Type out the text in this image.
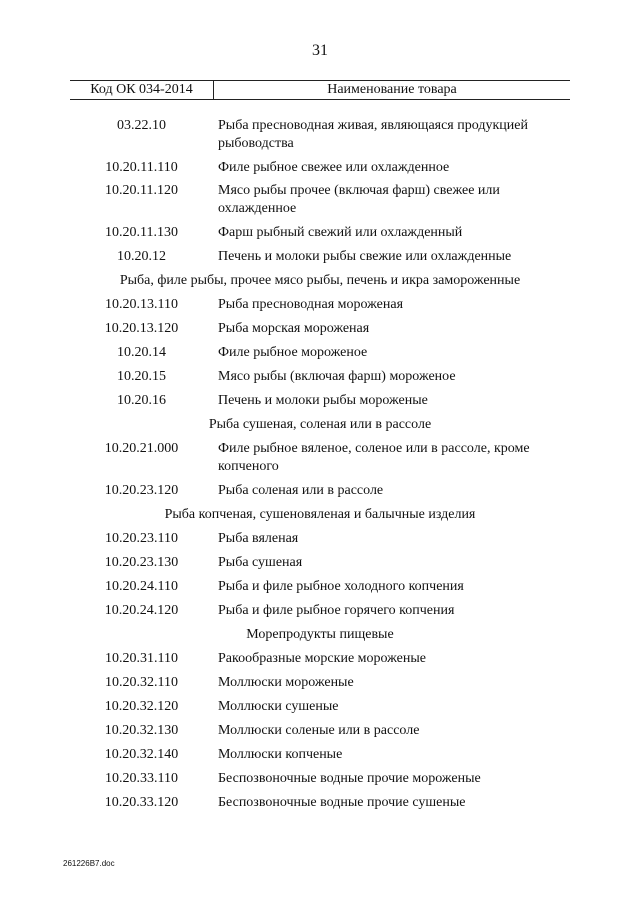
31
Код ОК 034-2014	Наименование товара
03.22.10	Рыба пресноводная живая, являющаяся продукцией рыбоводства
10.20.11.110	Филе рыбное свежее или охлажденное
10.20.11.120	Мясо рыбы прочее (включая фарш) свежее или охлажденное
10.20.11.130	Фарш рыбный свежий или охлажденный
10.20.12	Печень и молоки рыбы свежие или охлажденные
Рыба, филе рыбы, прочее мясо рыбы, печень и икра замороженные
10.20.13.110	Рыба пресноводная мороженая
10.20.13.120	Рыба морская мороженая
10.20.14	Филе рыбное мороженое
10.20.15	Мясо рыбы (включая фарш) мороженое
10.20.16	Печень и молоки рыбы мороженые
Рыба сушеная, соленая или в рассоле
10.20.21.000	Филе рыбное вяленое, соленое или в рассоле, кроме копченого
10.20.23.120	Рыба соленая или в рассоле
Рыба копченая, сушеновяленая и балычные изделия
10.20.23.110	Рыба вяленая
10.20.23.130	Рыба сушеная
10.20.24.110	Рыба и филе рыбное холодного копчения
10.20.24.120	Рыба и филе рыбное горячего копчения
Морепродукты пищевые
10.20.31.110	Ракообразные морские мороженые
10.20.32.110	Моллюски мороженые
10.20.32.120	Моллюски сушеные
10.20.32.130	Моллюски соленые или в рассоле
10.20.32.140	Моллюски копченые
10.20.33.110	Беспозвоночные водные прочие мороженые
10.20.33.120	Беспозвоночные водные прочие сушеные
261226B7.doc
